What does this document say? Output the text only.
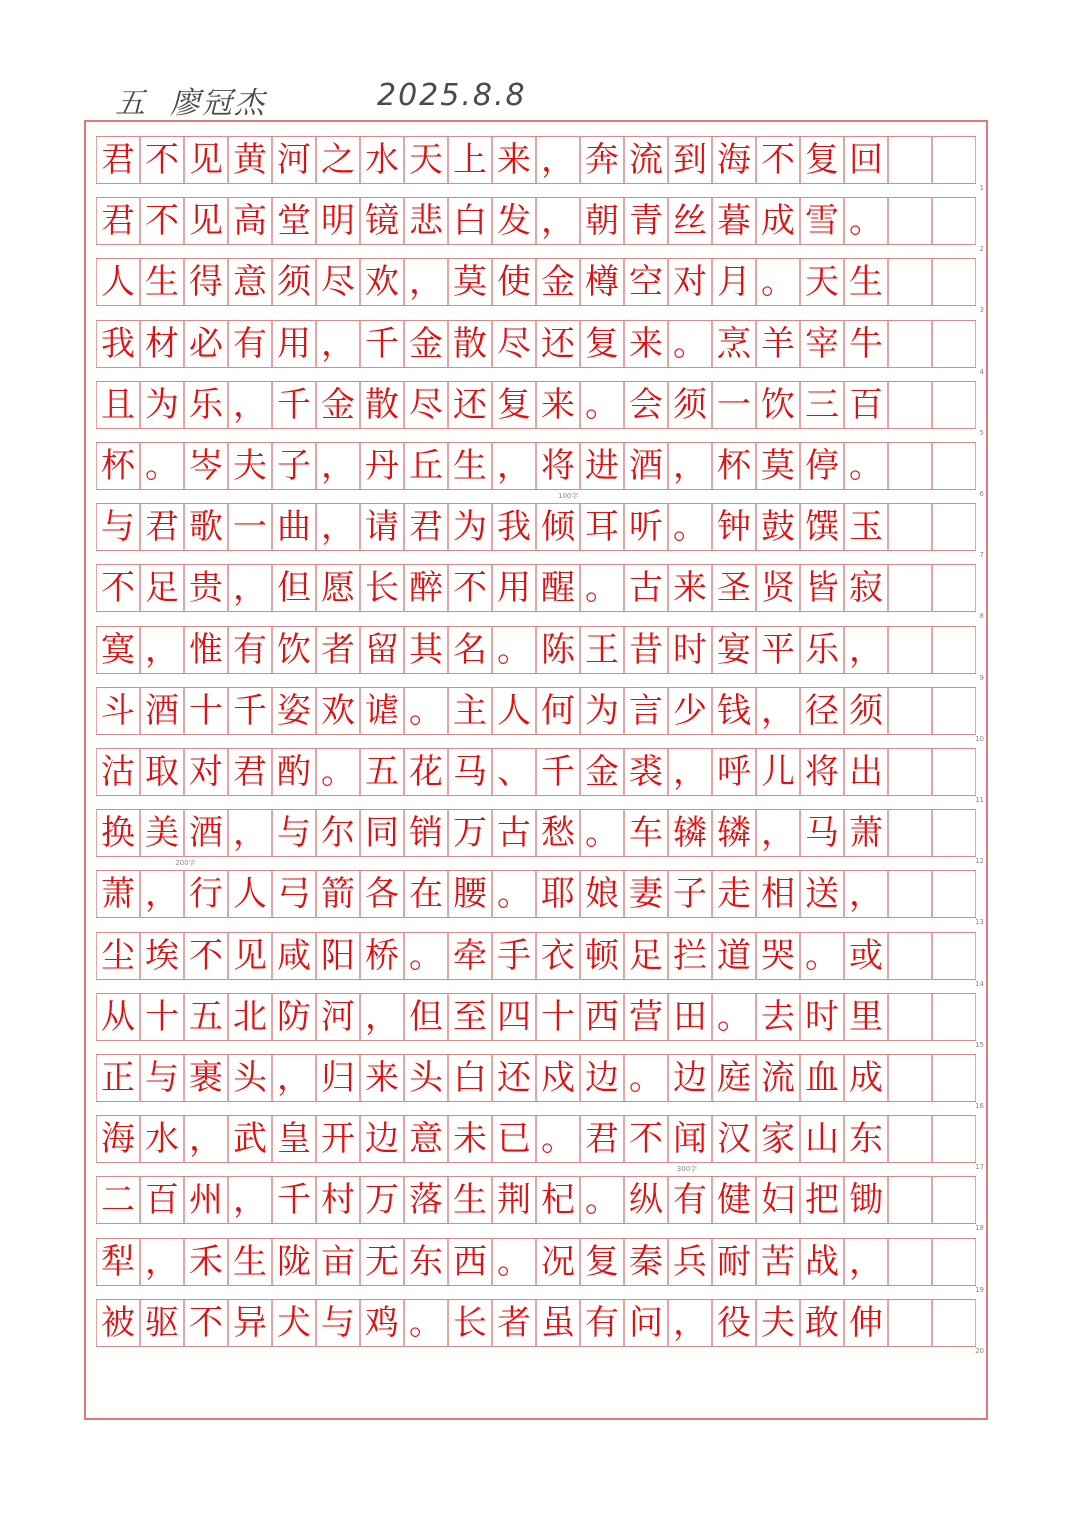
五 廖冠杰	2025.8.8
君 不 见 黄 河 之 水 天 上 来 ， 奔 流 到 海 不 复 回
1
君 不 见 高 堂 明 镜 悲 白 发 ， 朝 青 丝 暮 成 雪 。
2
人 生 得 意 须 尽 欢 ， 莫 使 金 樽 空 对 月 。 天 生
3
我 材 必 有 用 ， 千 金 散 尽 还 复 来 。 烹 羊 宰 牛
4
且 为 乐 ， 千 金 散 尽 还 复 来 。 会 须 一 饮 三 百
5
杯 。 岑 夫 子 ， 丹 丘 生 ， 将 进 酒 ， 杯 莫 停 。
6
与 君 歌 一 曲 ， 请 君 为 我 倾 耳 听 。 钟 鼓 馔 玉
7
不 足 贵 ， 但 愿 长 醉 不 用 醒 。 古 来 圣 贤 皆 寂
8
寞 ， 惟 有 饮 者 留 其 名 。 陈 王 昔 时 宴 平 乐 ，
9
斗 酒 十 千 姿 欢 谑 。 主 人 何 为 言 少 钱 ， 径 须
10
沽 取 对 君 酌 。 五 花 马 、 千 金 裘 ， 呼 儿 将 出
11
换 美 酒 ， 与 尔 同 销 万 古 愁 。 车 辚 辚 ， 马 萧
12
萧 ， 行 人 弓 箭 各 在 腰 。 耶 娘 妻 子 走 相 送 ，
13
尘 埃 不 见 咸 阳 桥 。 牵 手 衣 顿 足 拦 道 哭 。 或
14
从 十 五 北 防 河 ， 但 至 四 十 西 营 田 。 去 时 里
15
正 与 裹 头 ， 归 来 头 白 还 戍 边 。 边 庭 流 血 成
16
海 水 ， 武 皇 开 边 意 未 已 。 君 不 闻 汉 家 山 东
17
二 百 州 ， 千 村 万 落 生 荆 杞 。 纵 有 健 妇 把 锄
18
犁 ， 禾 生 陇 亩 无 东 西 。 况 复 秦 兵 耐 苦 战 ，
19
被 驱 不 异 犬 与 鸡 。 长 者 虽 有 问 ， 役 夫 敢 伸
20
100字
200字
300字
